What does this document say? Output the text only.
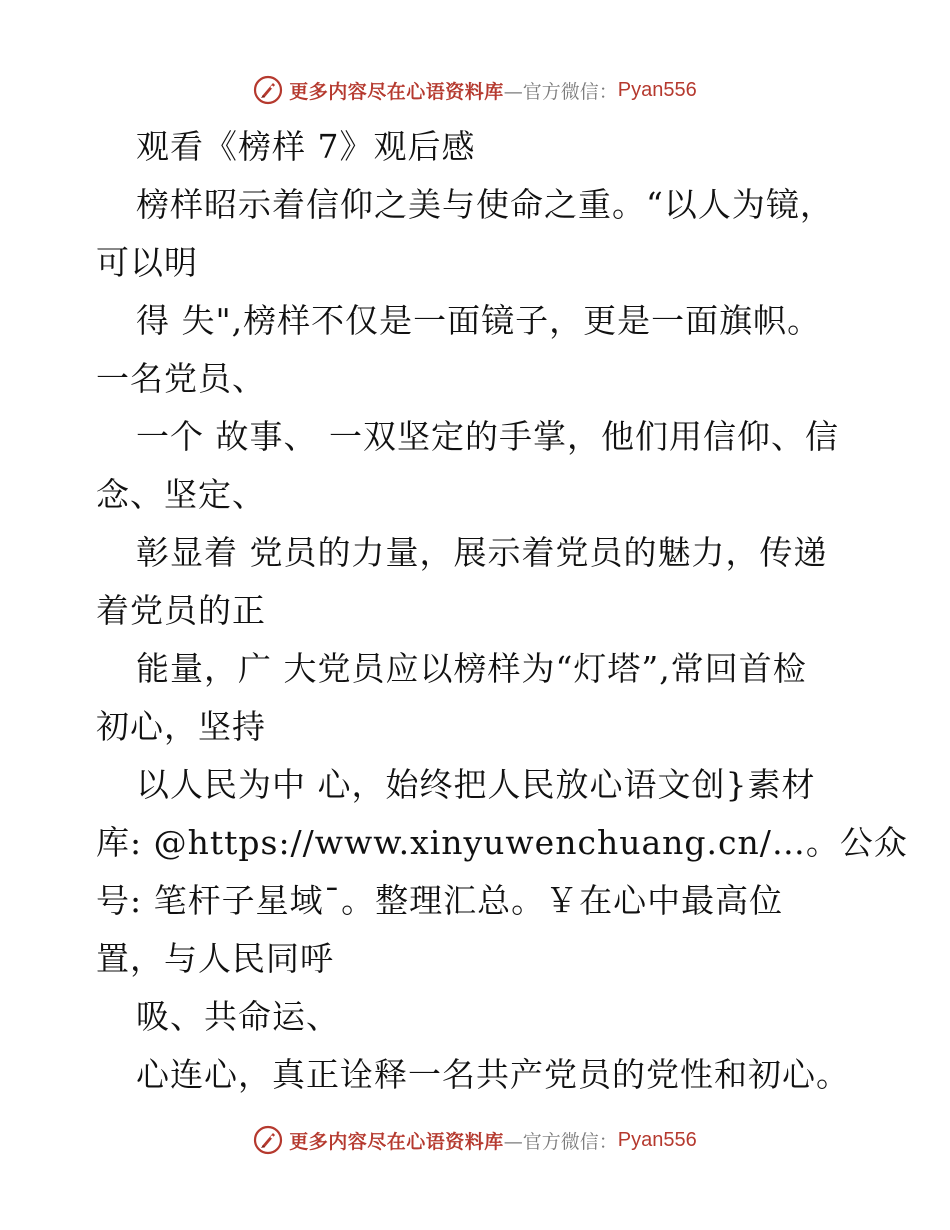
更多内容尽在心语资料库 —官方微信： Pyan556
观看《榜样 7》观后感
榜样昭示着信仰之美与使命之重。“以人为镜，
可以明
得 失",榜样不仅是一面镜子，更是一面旗帜。
一名党员、
一个 故事、 一双坚定的手掌，他们用信仰、信
念、坚定、
彰显着 党员的力量，展示着党员的魅力，传递
着党员的正
能量，广 大党员应以榜样为“灯塔”,常回首检
初心，坚持
以人民为中 心，始终把人民放心语文创}素材
库: @https://www.xinyuwenchuang.cn/…。公众
号: 笔杆子星域¯。整理汇总。￥在心中最高位
置，与人民同呼
吸、共命运、
心连心，真正诠释一名共产党员的党性和初心。
更多内容尽在心语资料库 —官方微信： Pyan556
